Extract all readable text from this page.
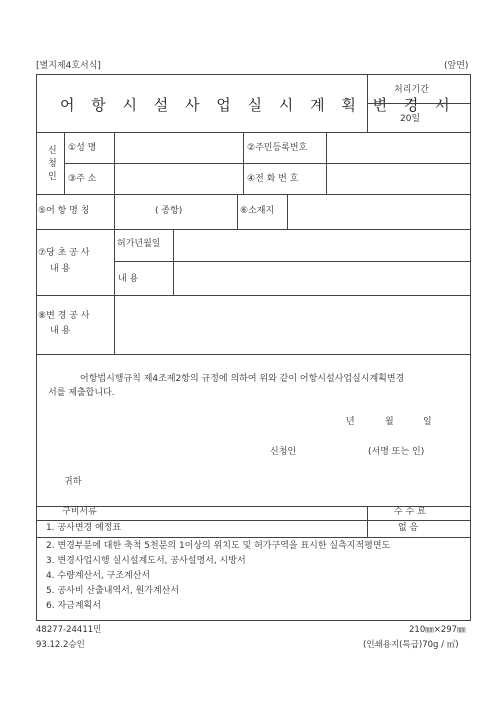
[별지제4호서식]	(앞면)
어 항 시 설 사 업 실 시 계 획 변 경 서
처리기간
20일
신
청
인
①성 명	②주민등록번호
③주 소	④전 화 번 호
⑤어 항 명 칭	( 종항)	⑥소재지
⑦당 초 공 사
내 용
허가년월일
내 용
⑧변 경 공 사
내 용
어항법시행규칙 제4조제2항의 규정에 의하여 위와 같이 어항시설사업실시계획변경
서를 제출합니다.
년	월	일
신청인	(서명 또는 인)
귀하
구비서류	수 수 료
1. 공사변경 예정표	없 음
2. 변경부분에 대한 축척 5천분의 1이상의 위치도 및 허가구역을 표시한 실측지적평면도
3. 변경사업시행 실시설계도서, 공사설명서, 시방서
4. 수량계산서, 구조계산서
5. 공사비 산출내역서, 원가계산서
6. 자금계획서
48277-24411민
93.12.2승인
210㎜×297㎜
(인쇄용지(특급)70g / ㎡)
